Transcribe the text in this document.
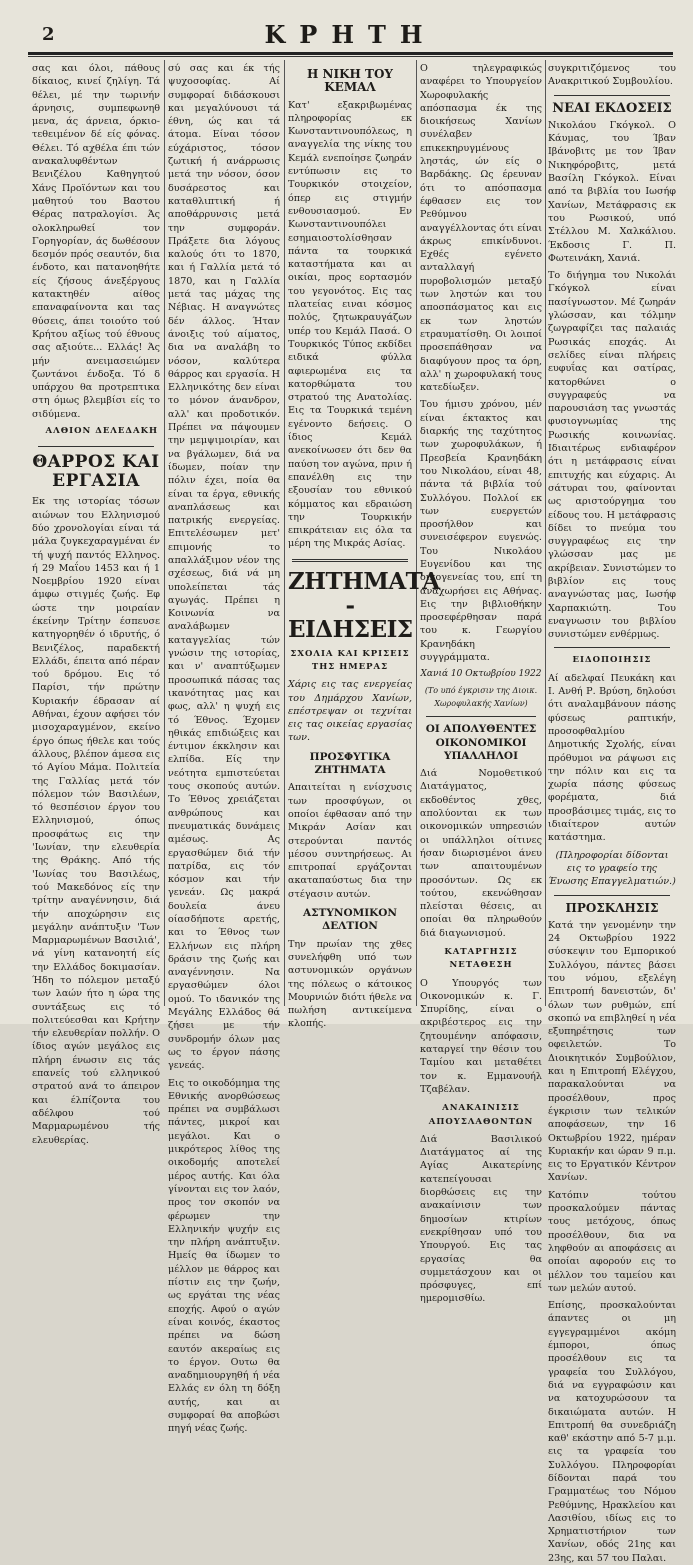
2	ΚΡΗΤΗ

σας και όλοι, πάθους δίκαιος, κινεί ζηλίγη. Τά θέλει, μέ την τωρινήν άρνησις, συμπεφωνηθ μενα, άς άρνεια, όρκιο-τεθειμένον δέ είς φόνας. Θέλει. Τό αχθέλα έπι τών ανακαλυφθέντων Βενιζέλου Καθηγητού Χάνς Προϊόντων και του μαθητού του Βαστου Θέρας πατραλογίσι. Άς ολοκληρωθεί τον Γορηγορίαν, άς δωθέσουν δεσμόν πρός σεαυτόν, δια ένδοτο, και πατανοηθήτε είς ζήσους άνεξέργους κατακτηθέν αίθος επαναφαίνοντα και τας θύσεις, άπει τοιούτο τού Κρήτου αξίως τού έθνους σας αξιούτε... Ελλάς! Άς μήν ανειμασειώμεν ζωντάνοι ένδοξα. Τό δ υπάρχου θα προτρεπτικα στη όμως βλεμβίσι είς το σιδύμενα.

ΑΛΘΙΟΝ ΔΕΛΕΔΑΚΗ
ΘΑΡΡΟΣ ΚΑΙ ΕΡΓΑΣΙΑ

Εκ της ιστορίας τόσων αιώνων του Ελληνισμού δύο χρονολογίαι είναι τά μάλα ζυγκεχαραγμέναι έν τή ψυχή παντός Ελληνος. ή 29 Μαΐου 1453 και ή 1 Νοεμβρίου 1920 είναι άμφω στιγμές ζωής. Εφ ώστε την μοιραίαν έκείνην Τρίτην έσπευσε κατηγορηθέν ό ιδρυτής, ό Βενιζέλος, παραδεκτή Ελλάδι, έπειτα από πέραν τού δρόμου. Εις τό Παρίσι, τήν πρώτην Κυριακήν έδρασαν αί Αθήναι, έχουν αφήσει τόν μισοχαραγμένον, εκείνο έργο όπως ήθελε και τούς άλλους, βλέπον άμεσα εις τό Αγίου Μάμα. Πολιτεία της Γαλλίας μετά τόν πόλεμον τών Βασιλέων, τό θεσπέσιον έργον του Ελληνισμού, όπως προσφάτως εις την 'Ιωνίαν, την ελευθερία της Θράκης. Από τής 'Ιωνίας του Βασιλέως, τού Μακεδόνος είς την τρίτην αναγέννησιν, διά τήν αποχώρησιν εις μεγάλην ανάπτυξιν 'Των Μαρμαρωμένων Βασιλιά', νά γίνη κατανοητή είς την Ελλάδος δοκιμασίαν. Ήδη το πόλεμον μεταξύ των λαών ήτο η ώρα της συντάξεως εις τό πολιτεύεσθαι και Κρήτην τήν ελευθερίαν πολλήν. Ο ίδιος αγών μεγάλος εις πλήρη ένωσιν εις τάς επανείς τού ελληνικού στρατού ανά το άπειρον και έλπίζοντα του αδέλφου τού Μαρμαρωμένου τής ελευθερίας.

σύ σας και έκ τής ψυχοσοφίας. Αί συμφοραί διδάσκουσι και μεγαλύνουσι τά έθνη, ώς και τά άτομα. Είναι τόσον εύχάριστος, τόσον ζωτική ή ανάρρωσις μετά την νόσον, όσον δυσάρεστος και καταθλιπτική ή αποθάρρυνσις μετά την συμφοράν. Πράξετε δια λόγους καλούς ότι το 1870, και ή Γαλλία μετά τό 1870, και η Γαλλία μετά τας μάχας της Νέβιας. Η αναγνώτες δέν άλλος. Ήταν άνοιξις τού αίματος, δια να αναλάβη το νόσον, καλύτερα θάρρος και εργασία. Η Ελληνικότης δεν είναι το μόνον άνανδρον, αλλ' και προδοτικόν. Πρέπει να πάψουμεν την μεμψιμοιρίαν, και να βγάλωμεν, διά να ίδωμεν, ποίαν την πόλιν έχει, ποία θα είναι τα έργα, εθνικής αναπλάσεως και πατρικής ενεργείας. Επιτελέσωμεν μετ' επιμονής το απαλλάξιμον νέον της σχέσεως, διά νά μη υπολείπεται τάς αγωγάς. Πρέπει η Κοινωνία να αναλάβωμεν καταγγελίας τών γνώσιν της ιστορίας, και ν' αναπτύξωμεν προσωπικά πάσας τας ικανότητας μας και φως, αλλ' η ψυχή εις τό Έθνος. Έχομεν ηθικάς επιδιώξεις και έντιμον έκκλησιν και ελπίδα. Είς την νεότητα εμπιστεύεται τους σκοπούς αυτών. Το Έθνος χρειάζεται ανθρώπους και πνευματικάς δυνάμεις αμέσως. Ας εργασθώμεν διά τήν πατρίδα, εις τόν κόσμον και τήν γενεάν. Ως μακρά δουλεία άνευ οίασδήποτε αρετής, και το Έθνος των Ελλήνων εις πλήρη δράσιν της ζωής και αναγέννησιν. Να εργασθώμεν όλοι ομού. Το ιδανικόν της Μεγάλης Ελλάδος θά ζήσει με τήν συνδρομήν όλων μας ως το έργον πάσης γενεάς.

Εις το οικοδόμημα της Εθνικής ανορθώσεως πρέπει να συμβάλωσι πάντες, μικροί και μεγάλοι. Και ο μικρότερος λίθος της οικοδομής αποτελεί μέρος αυτής. Και όλα γίνονται εις τον λαόν, προς τον σκοπόν να φέρωμεν την Ελληνικήν ψυχήν εις την πλήρη ανάπτυξιν. Ημείς θα ίδωμεν το μέλλον με θάρρος και πίστιν εις την ζωήν, ως εργάται της νέας εποχής. Αφού ο αγών είναι κοινός, έκαστος πρέπει να δώση εαυτόν ακεραίως εις το έργον. Ουτω θα αναδημιουργηθή ή νέα Ελλάς εν όλη τη δόξη αυτής, και αι συμφοραί θα αποβώσι πηγή νέας ζωής.

Η ΝΙΚΗ ΤΟΥ ΚΕΜΑΛ

Κατ' εξακριβωμένας πληροφορίας εκ Κωνσταντινουπόλεως, η αναγγελία της νίκης του Κεμάλ ενεποίησε ζωηράν εντύπωσιν εις το Τουρκικόν στοιχείον, όπερ εις στιγμήν ενθουσιασμού. Εν Κωνσταντινουπόλει εσημαιοστολίσθησαν πάντα τα τουρκικά καταστήματα και αι οικίαι, προς εορτασμόν του γεγονότος. Εις τας πλατείας ειναι κόσμος πολύς, ζητωκραυγάζων υπέρ του Κεμάλ Πασά. Ο Τουρκικός Τύπος εκδίδει ειδικά φύλλα αφιερωμένα εις τα κατορθώματα του στρατού της Ανατολίας. Εις τα Τουρκικά τεμένη εγένοντο δεήσεις. Ο ίδιος Κεμάλ ανεκοίνωσεν ότι δεν θα παύση τον αγώνα, πριν ή επανέλθη εις την εξουσίαν του εθνικού κόμματος και εδραιώση την Τουρκικήν επικράτειαν εις όλα τα μέρη της Μικράς Ασίας.

ΖΗΤΗΜΑΤΑ - ΕΙΔΗΣΕΙΣ
ΣΧΟΛΙΑ ΚΑΙ ΚΡΙΣΕΙΣ ΤΗΣ ΗΜΕΡΑΣ

Χάρις εις τας ενεργείας του Δημάρχου Χανίων, επέστρεψαν οι τεχνίται εις τας οικείας εργασίας των.

ΠΡΟΣΦΥΓΙΚΑ ΖΗΤΗΜΑΤΑ

Απαιτείται η ενίσχυσις των προσφύγων, οι οποίοι έφθασαν από την Μικράν Ασίαν και στερούνται παντός μέσου συντηρήσεως. Αι επιτροπαί εργάζονται ακαταπαύστως δια την στέγασιν αυτών.

ΑΣΤΥΝΟΜΙΚΟΝ ΔΕΛΤΙΟΝ

Την πρωίαν της χθες συνελήφθη υπό των αστυνομικών οργάνων της πόλεως ο κάτοικος Μουρνιών διότι ήθελε να πωλήση αντικείμενα κλοπής.

Ο τηλεγραφικώς αναφέρει το Υπουργείον Χωροφυλακής απόσπασμα έκ της διοικήσεως Χανίων συνέλαβεν επικεκηρυγμένους ληστάς, ών είς ο Βαρδάκης. Ως έρευναν ότι το απόσπασμα έφθασεν εις τον Ρεθύμνου αναγγέλλοντας ότι είναι άκρως επικίνδυνοι. Εχθές εγένετο ανταλλαγή πυροβολισμών μεταξύ των ληστών και του αποσπάσματος και εις εκ των ληστών ετραυματίσθη. Οι λοιποί προσεπάθησαν να διαφύγουν προς τα όρη, αλλ' η χωροφυλακή τους κατεδίωξεν.

Του ήμισυ χρόνου, μέν είναι έκτακτος και διαρκής της ταχύτητος των χωροφυλάκων, ή Πρεσβεία Κρανηδάκη του Νικολάου, είναι 48, πάντα τά βιβλία τού Συλλόγου. Πολλοί εκ των ευεργετών προσήλθον και συνεισέφερον ευγενώς. Του Νικολάου Ευγενίδου και της οικογενείας του, επί τη αναχωρήσει εις Αθήνας. Εις την βιβλιοθήκην προσεφέρθησαν παρά του κ. Γεωργίου Κρανηδάκη συγγράμματα.

Χανιά 10 Οκτωβρίου 1922
(Το υπό έγκρισιν της Διοικ. Χωροφυλακής Χανίων)
ΟΙ ΑΠΟΛΥΘΕΝΤΕΣ ΟΙΚΟΝΟΜΙΚΟΙ ΥΠΑΛΛΗΛΟΙ

Διά Νομοθετικού Διατάγματος, εκδοθέντος χθες, απολύονται εκ των οικονομικών υπηρεσιών οι υπάλληλοι οίτινες ήσαν διωρισμένοι άνευ των απαιτουμένων προσόντων. Ως εκ τούτου, εκενώθησαν πλείσται θέσεις, αι οποίαι θα πληρωθούν διά διαγωνισμού.

ΚΑΤΑΡΓΗΣΙΣ ΝΕΤΑΘΕΣΗ

Ο Υπουργός των Οικονομικών κ. Γ. Σπυρίδης, είναι ο ακριβέστερος εις την ζητουμένην απόφασιν, καταργεί την θέσιν του Ταμίου και μεταθέτει τον κ. Εμμανουήλ Τζαβέλαν.

ΑΝΑΚΑΙΝΙΣΙΣ ΑΠΟΥΣΛΑΘΟΝΤΩΝ

Διά Βασιλικού Διατάγματος αί της Αγίας Αικατερίνης κατεπείγουσαι διορθώσεις εις την ανακαίνισιν των δημοσίων κτιρίων ενεκρίθησαν υπό του Υπουργού. Εις τας εργασίας θα συμμετάσχουν και οι πρόσφυγες, επί ημερομισθίω.

συγκριτιζόμενος του Ανακριτικού Συμβουλίου.

ΝΕΑΙ ΕΚΔΟΣΕΙΣ

Νικολάου Γκόγκολ. Ο Κάυμας, του Ίβαν Ιβάνοβιτς με τον Ίβαν Νικηφόροβιτς, μετά Βασίλη Γκόγκολ. Είναι από τα βιβλία του Ιωσήφ Χανίων, Μετάφρασις εκ του Ρωσικού, υπό Στέλλου Μ. Χαλκάλιου. Έκδοσις Γ. Π. Φωτεινάκη, Χανιά.

Το διήγημα του Νικολάι Γκόγκολ είναι πασίγνωστον. Μέ ζωηράν γλώσσαν, και τόλμην ζωγραφίζει τας παλαιάς Ρωσικάς εποχάς. Αι σελίδες είναι πλήρεις ευφυΐας και σατίρας, κατορθώνει ο συγγραφεύς να παρουσιάση τας γνωστάς φυσιογνωμίας της Ρωσικής κοινωνίας. Ιδιαιτέρως ενδιαφέρον ότι η μετάφρασις είναι επιτυχής και εύχαρις. Αι σάτυραι του, φαίνονται ως αριστούργημα του είδους του. Η μετάφρασις δίδει το πνεύμα του συγγραφέως εις την γλώσσαν μας με ακρίβειαν. Συνιστώμεν το βιβλίον εις τους αναγνώστας μας, Ιωσήφ Χαρπακιώτη. Του εναγνωσιν του βιβλίου συνιστώμεν ενθέρμως.

ΕΙΔΟΠΟΙΗΣΙΣ

Αί αδελφαί Πευκάκη και Ι. Ανθή Ρ. Βρύση, δηλούσι ότι αναλαμβάνουν πάσης φύσεως ραπτικήν, προσοφθαλμίου Δημοτικής Σχολής, είναι πρόθυμοι να ράψωσι εις την πόλιν και εις τα χωρία πάσης φύσεως φορέματα, διά προσβάσιμες τιμάς, εις το ιδιαίτερον αυτών κατάστημα.

(Πληροφορίαι δίδονται εις το γραφείο της Ένωσης Επαγγελματιών.)

ΠΡΟΣΚΛΗΣΙΣ

Κατά την γενομένην την 24 Οκτωβρίου 1922 σύσκεψιν του Εμπορικού Συλλόγου, πάντες βάσει του νόμου, εξελέγη Επιτροπή δανειστών, δι' όλων των ρυθμών, επί σκοπώ να επιβληθεί η νέα εξυπηρέτησις των οφειλετών. Το Διοικητικόν Συμβούλιον, και η Επιτροπή Ελέγχου, παρακαλούνται να προσέλθουν, προς έγκρισιν των τελικών αποφάσεων, την 16 Οκτωβρίου 1922, ημέραν Κυριακήν και ώραν 9 π.μ. εις το Εργατικόν Κέντρον Χανίων.

Κατόπιν τούτου προσκαλούμεν πάντας τους μετόχους, όπως προσέλθουν, δια να ληφθούν αι αποφάσεις αι οποίαι αφορούν εις το μέλλον του ταμείου και των μελών αυτού.

Επίσης, προσκαλούνται άπαντες οι μη εγγεγραμμένοι ακόμη έμποροι, όπως προσέλθουν εις τα γραφεία του Συλλόγου, διά να εγγραφώσιν και να κατοχυρώσουν τα δικαιώματα αυτών. Η Επιτροπή θα συνεδριάζη καθ' εκάστην από 5-7 μ.μ. εις τα γραφεία του Συλλόγου. Πληροφορίαι δίδονται παρά του Γραμματέως του Νόμου Ρεθύμνης, Ηρακλείου και Λασιθίου, ιδίως εις το Χρηματιστήριον των Χανίων, οδός 21ης και 23ης, και 57 του Παλαι.
